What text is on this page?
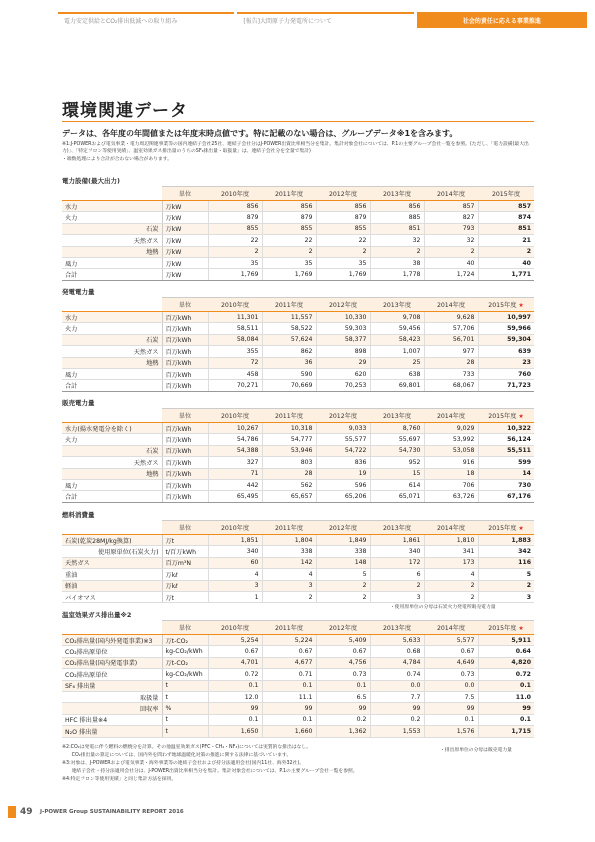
電力安定供給とCO₂排出低減への取り組み	[報告]大間原子力発電所について	社会的責任に応える事業推進
環境関連データ
データは、各年度の年間値または年度末時点値です。特に記載のない場合は、グループデータ※1を含みます。
※1:J-POWERおよび電気事業・電力周辺関連事業等の国内連結子会社25社、連結子会社分はJ-POWER出資比率相当分を集計。集計対象会社については、P.1の主要グループ会社一覧を参照。(ただし、「電力設備(最大出力)」、「特定フロン等使用実績」、温室効果ガス排出量のうちのSF₆排出量・取扱量」は、連結子会社分を全量で集計)
・端数処理により合計が合わない場合があります。
電力設備(最大出力)
	単位	2010年度	2011年度	2012年度	2013年度	2014年度	2015年度
水力	万kW	856	856	856	856	857	857
火力	万kW	879	879	879	885	827	874
石炭	万kW	855	855	855	851	793	851
天然ガス	万kW	22	22	22	32	32	21
地熱	万kW	2	2	2	2	2	2
風力	万kW	35	35	35	38	40	40
合計	万kW	1,769	1,769	1,769	1,778	1,724	1,771
発電電力量
	単位	2010年度	2011年度	2012年度	2013年度	2014年度	2015年度 ★
水力	百万kWh	11,301	11,557	10,330	9,708	9,628	10,997
火力	百万kWh	58,511	58,522	59,303	59,456	57,706	59,966
石炭	百万kWh	58,084	57,624	58,377	58,423	56,701	59,304
天然ガス	百万kWh	355	862	898	1,007	977	639
地熱	百万kWh	72	36	29	25	28	23
風力	百万kWh	458	590	620	638	733	760
合計	百万kWh	70,271	70,669	70,253	69,801	68,067	71,723
販売電力量
	単位	2010年度	2011年度	2012年度	2013年度	2014年度	2015年度 ★
水力(揚水発電分を除く)	百万kWh	10,267	10,318	9,033	8,760	9,029	10,322
火力	百万kWh	54,786	54,777	55,577	55,697	53,992	56,124
石炭	百万kWh	54,388	53,946	54,722	54,730	53,058	55,511
天然ガス	百万kWh	327	803	836	952	916	599
地熱	百万kWh	71	28	19	15	18	14
風力	百万kWh	442	562	596	614	706	730
合計	百万kWh	65,495	65,657	65,206	65,071	63,726	67,176
燃料消費量
	単位	2010年度	2011年度	2012年度	2013年度	2014年度	2015年度 ★
石炭(乾炭28MJ/kg換算)	万t	1,851	1,804	1,849	1,861	1,810	1,883
使用原単位(石炭火力)	t/百万kWh	340	338	338	340	341	342
天然ガス	百万m³N	60	142	148	172	173	116
重油	万kℓ	4	4	5	6	4	5
軽油	万kℓ	3	3	2	2	2	2
バイオマス	万t	1	2	2	3	2	3
・使用原単位の分母は石炭火力発電所販売電力量
温室効果ガス排出量※2
	単位	2010年度	2011年度	2012年度	2013年度	2014年度	2015年度 ★
CO₂排出量(国内外発電事業)※3	万t-CO₂	5,254	5,224	5,409	5,633	5,577	5,911
CO₂排出原単位	kg-CO₂/kWh	0.67	0.67	0.67	0.68	0.67	0.64
CO₂排出量(国内発電事業)	万t-CO₂	4,701	4,677	4,756	4,784	4,649	4,820
CO₂排出原単位	kg-CO₂/kWh	0.72	0.71	0.73	0.74	0.73	0.72
SF₆ 排出量	t	0.1	0.1	0.1	0.0	0.0	0.1
取扱量	t	12.0	11.1	6.5	7.7	7.5	11.0
回収率	%	99	99	99	99	99	99
HFC 排出量※4	t	0.1	0.1	0.2	0.2	0.1	0.1
N₂O 排出量	t	1,650	1,660	1,362	1,553	1,576	1,715
※2:CO₂は発電に伴う燃料の燃焼分を計算。その他温室効果ガス(PFC・CH₄・NF₃)については実質的な排出はなし。
　　CO₂排出量の算定については、国内外を問わず地球温暖化対策の推進に関する法律に基づいています。
※3:対象は、J-POWERおよび電気事業・海外事業等の連結子会社および持分法適用会社(国内11社、海外32社)。
　　連結子会社・持分法適用会社分は、J-POWER出資比率相当分を集計。集計対象会社については、P.1の主要グループ会社一覧を参照。
※4:特定フロン等使用実績」と同じ集計方法を採用。
・排出原単位の分母は販売電力量
49 J-POWER Group SUSTAINABILITY REPORT 2016
